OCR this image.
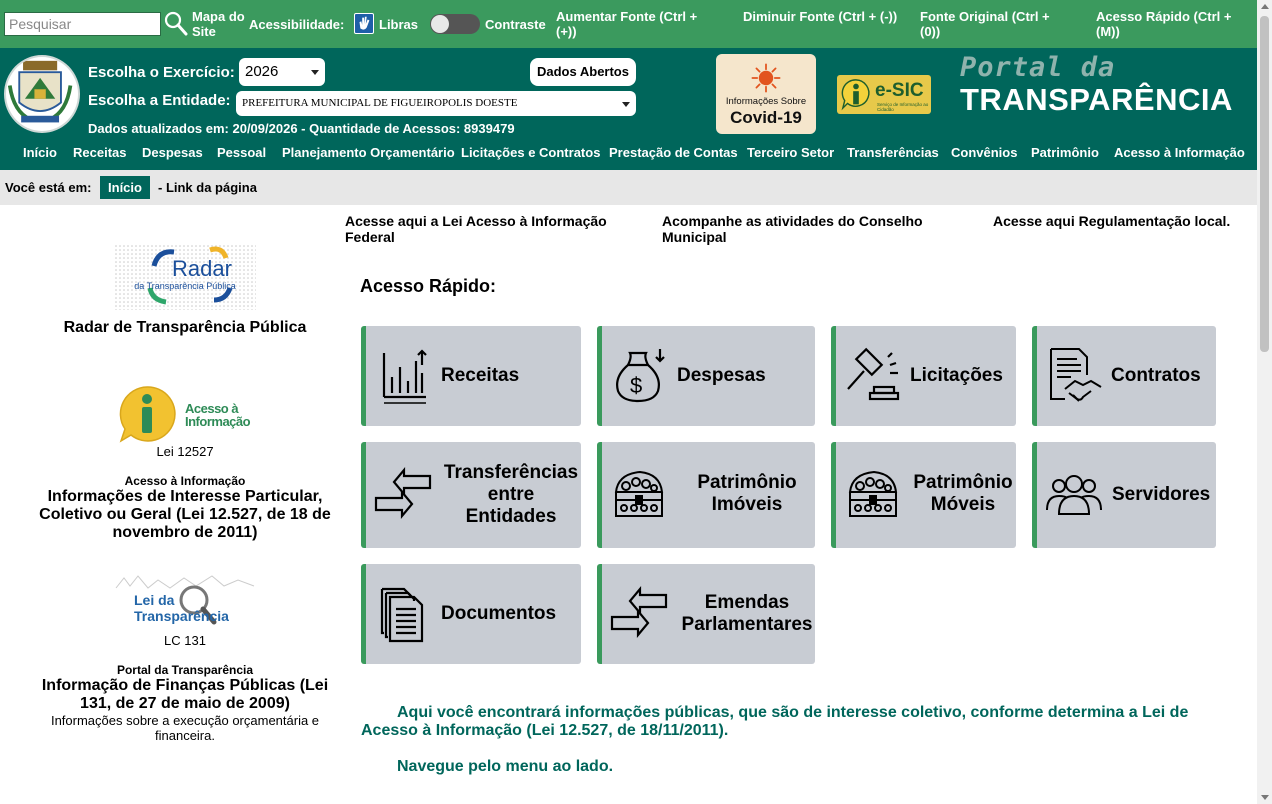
Pesquisar
Mapa do Site	Acessibilidade:	Libras	Contraste
Aumentar Fonte (Ctrl + (+))
Diminuir Fonte (Ctrl + (-))	Fonte Original (Ctrl + (0))
Acesso Rápido (Ctrl + (M))
Escolha o Exercício: 2026
Escolha a Entidade:	PREFEITURA MUNICIPAL DE FIGUEIROPOLIS DOESTE
Dados Abertos
Dados atualizados em: 20/09/2026 - Quantidade de Acessos: 8939479
Informações Sobre
Covid-19
e-SIC
Serviço de Informação ao Cidadão
Portal da
TRANSPARÊNCIA
Início Receitas Despesas Pessoal Planejamento Orçamentário Licitações e Contratos Prestação de Contas Terceiro Setor Transferências Convênios Patrimônio Acesso à Informação
Você está em:	Início	- Link da página
Radar
da Transparência Pública
Radar de Transparência Pública
Acesso à
Informação
Lei 12527
Acesso à Informação
Informações de Interesse Particular, Coletivo ou Geral (Lei 12.527, de 18 de novembro de 2011)
Lei da
Transparência
LC 131
Portal da Transparência
Informação de Finanças Públicas (Lei 131, de 27 de maio de 2009)
Informações sobre a execução orçamentária e financeira.
Acesse aqui a Lei Acesso à Informação Federal
Acompanhe as atividades do Conselho Municipal
Acesse aqui Regulamentação local.
Acesso Rápido:
Receitas	$ Despesas	Licitações	Contratos
Transferências entre Entidades
Patrimônio Imóveis
Patrimônio Móveis	Servidores
Documentos
Emendas Parlamentares

Aqui você encontrará informações públicas, que são de interesse coletivo, conforme determina a Lei de Acesso à Informação (Lei 12.527, de 18/11/2011).

Navegue pelo menu ao lado.
